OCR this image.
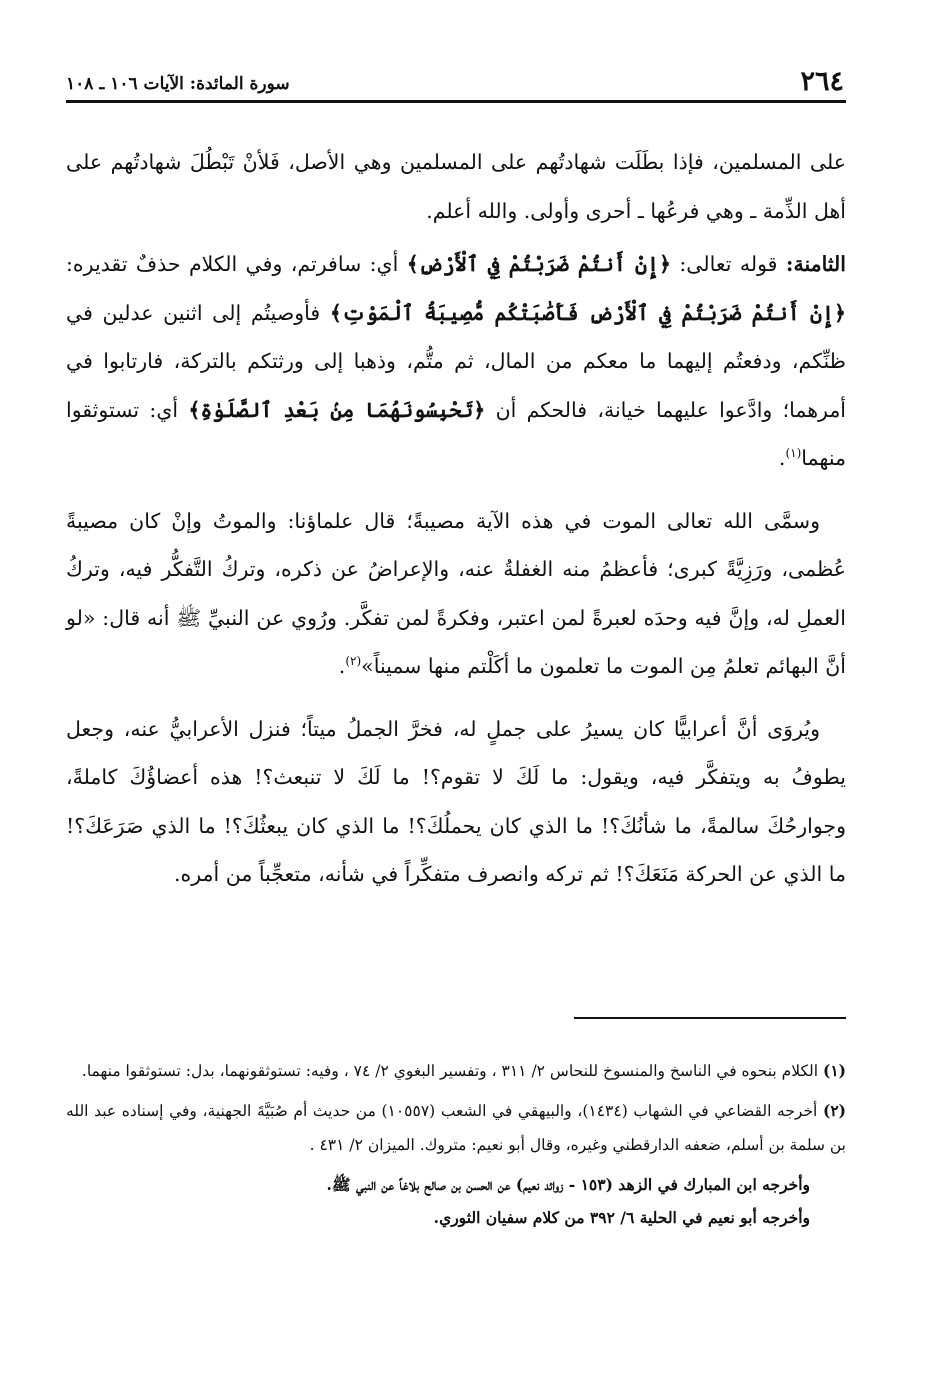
٢٦٤
سورة المائدة: الآيات ١٠٦ ـ ١٠٨

على المسلمين، فإذا بطَلَت شهادتُهم على المسلمين وهي الأصل، فَلأنْ تَبْطُلَ شهادتُهم على أهل الذِّمة ـ وهي فرعُها ـ أحرى وأولى. والله أعلم.

الثامنة: قوله تعالى: ﴿إِنْ أَنتُمْ ضَرَبْتُمْ فِي ٱلْأَرْضِ﴾ أي: سافرتم، وفي الكلام حذفٌ تقديره: ﴿إِنْ أَنتُمْ ضَرَبْتُمْ فِي ٱلْأَرْضِ فَأَصَٰبَتْكُم مُّصِيبَةُ ٱلْمَوْتِ﴾ فأوصيتُم إلى اثنين عدلين في ظنِّكم، ودفعتُم إليهما ما معكم من المال، ثم متُّم، وذهبا إلى ورثتكم بالتركة، فارتابوا في أمرهما؛ وادَّعوا عليهما خيانة، فالحكم أن ﴿تَحْبِسُونَهُمَا مِنۢ بَعْدِ ٱلصَّلَوٰةِ﴾ أي: تستوثقوا منهما$^{(١)}$.

وسمَّى الله تعالى الموت في هذه الآية مصيبةً؛ قال علماؤنا: والموتُ وإنْ كان مصيبةً عُظمى، ورَزِيَّةً كبرى؛ فأعظمُ منه الغفلةُ عنه، والإعراضُ عن ذكره، وتركُ التَّفكُّر فيه، وتركُ العملِ له، وإنَّ فيه وحدَه لعبرةً لمن اعتبر، وفكرةً لمن تفكَّر. ورُوي عن النبيِّ ﷺ أنه قال: «لو أنَّ البهائم تعلمُ مِن الموت ما تعلمون ما أكَلْتم منها سميناً»$^{(٢)}$.

ويُروَى أنَّ أعرابيًّا كان يسيرُ على جملٍ له، فخرَّ الجملُ ميتاً؛ فنزل الأعرابيُّ عنه، وجعل يطوفُ به ويتفكَّر فيه، ويقول: ما لَكَ لا تقوم؟! ما لَكَ لا تنبعث؟! هذه أعضاؤُكَ كاملةً، وجوارحُكَ سالمةً، ما شأنُكَ؟! ما الذي كان يحملُكَ؟! ما الذي كان يبعثُكَ؟! ما الذي صَرَعَكَ؟! ما الذي عن الحركة مَنَعَكَ؟! ثم تركه وانصرف متفكِّراً في شأنه، متعجِّباً من أمره.

(١) الكلام بنحوه في الناسخ والمنسوخ للنحاس ٢/ ٣١١ ، وتفسير البغوي ٢/ ٧٤ ، وفيه: تستوثقونهما، بدل: تستوثقوا منهما.

(٢) أخرجه القضاعي في الشهاب (١٤٣٤)، والبيهقي في الشعب (١٠٥٥٧) من حديث أم صُبَيَّةَ الجهنية، وفي إسناده عبد الله بن سلمة بن أسلم، ضعفه الدارقطني وغيره، وقال أبو نعيم: متروك. الميزان ٢/ ٤٣١ .

وأخرجه ابن المبارك في الزهد (١٥٣ - زوائد نعيم) عن الحسن بن صالح بلاغاً عن النبي ﷺ.

وأخرجه أبو نعيم في الحلية ٦/ ٣٩٢ من كلام سفيان الثوري.
